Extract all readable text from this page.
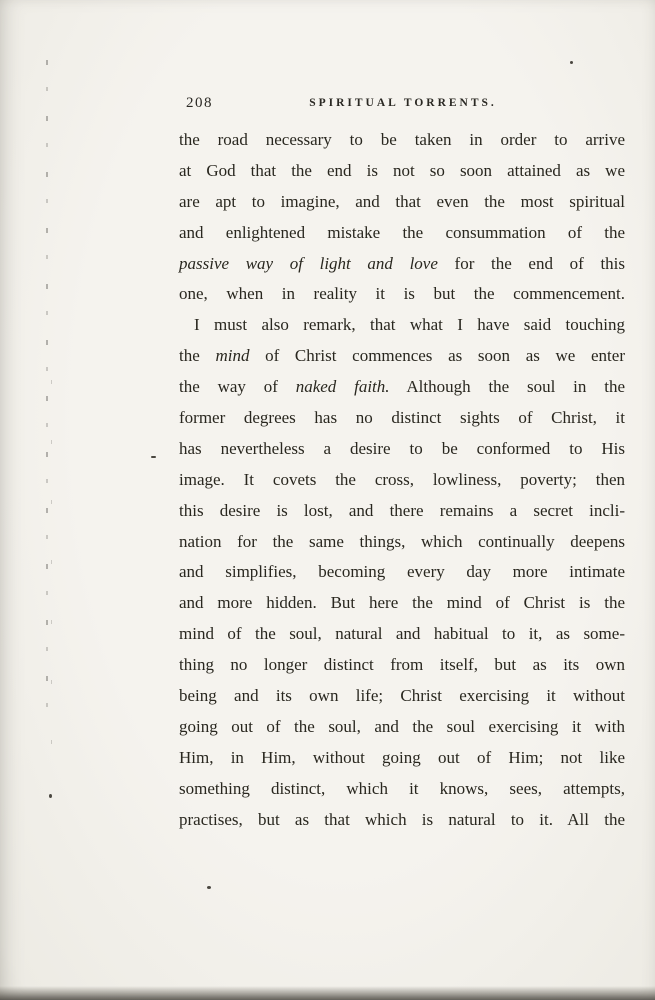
208	SPIRITUAL TORRENTS.
the road necessary to be taken in order to arrive
at God that the end is not so soon attained as we
are apt to imagine, and that even the most spiritual
and enlightened mistake the consummation of the
passive way of light and love for the end of this
one, when in reality it is but the commencement.
I must also remark, that what I have said touching
the mind of Christ commences as soon as we enter
the way of naked faith. Although the soul in the
former degrees has no distinct sights of Christ, it
has nevertheless a desire to be conformed to His
image. It covets the cross, lowliness, poverty; then
this desire is lost, and there remains a secret incli-
nation for the same things, which continually deepens
and simplifies, becoming every day more intimate
and more hidden. But here the mind of Christ is the
mind of the soul, natural and habitual to it, as some-
thing no longer distinct from itself, but as its own
being and its own life; Christ exercising it without
going out of the soul, and the soul exercising it with
Him, in Him, without going out of Him; not like
something distinct, which it knows, sees, attempts,
practises, but as that which is natural to it. All the
